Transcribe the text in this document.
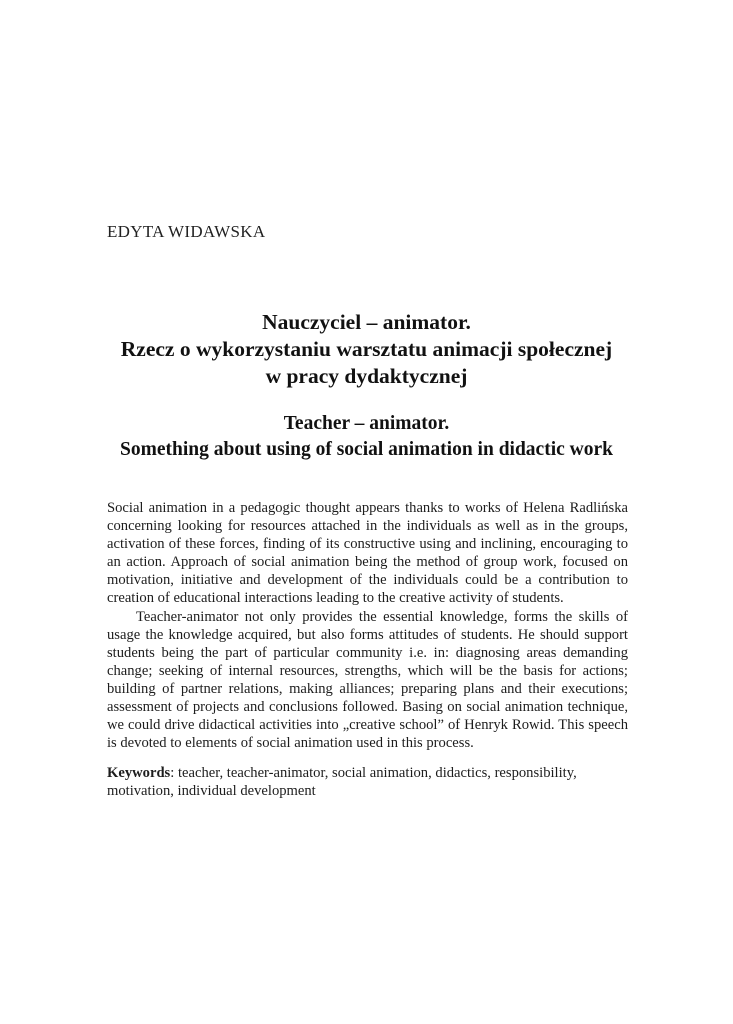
EDYTA WIDAWSKA
Nauczyciel – animator.
Rzecz o wykorzystaniu warsztatu animacji społecznej
w pracy dydaktycznej
Teacher – animator.
Something about using of social animation in didactic work

Social animation in a pedagogic thought appears thanks to works of Helena Radlińska concerning looking for resources attached in the individuals as well as in the groups, activation of these forces, finding of its constructive using and inclining, encouraging to an action. Approach of social animation being the method of group work, focused on motivation, initiative and development of the individuals could be a contribution to creation of educational interactions leading to the creative activity of students.

Teacher-animator not only provides the essential knowledge, forms the skills of usage the knowledge acquired, but also forms attitudes of students. He should support students being the part of particular community i.e. in: diagnosing areas demanding change; seeking of internal resources, strengths, which will be the basis for actions; building of partner relations, making alliances; preparing plans and their executions; assessment of projects and conclusions followed. Basing on social animation technique, we could drive didactical activities into „creative school” of Henryk Rowid. This speech is devoted to elements of social animation used in this process.

Keywords: teacher, teacher-animator, social animation, didactics, responsibility, motivation, individual development
